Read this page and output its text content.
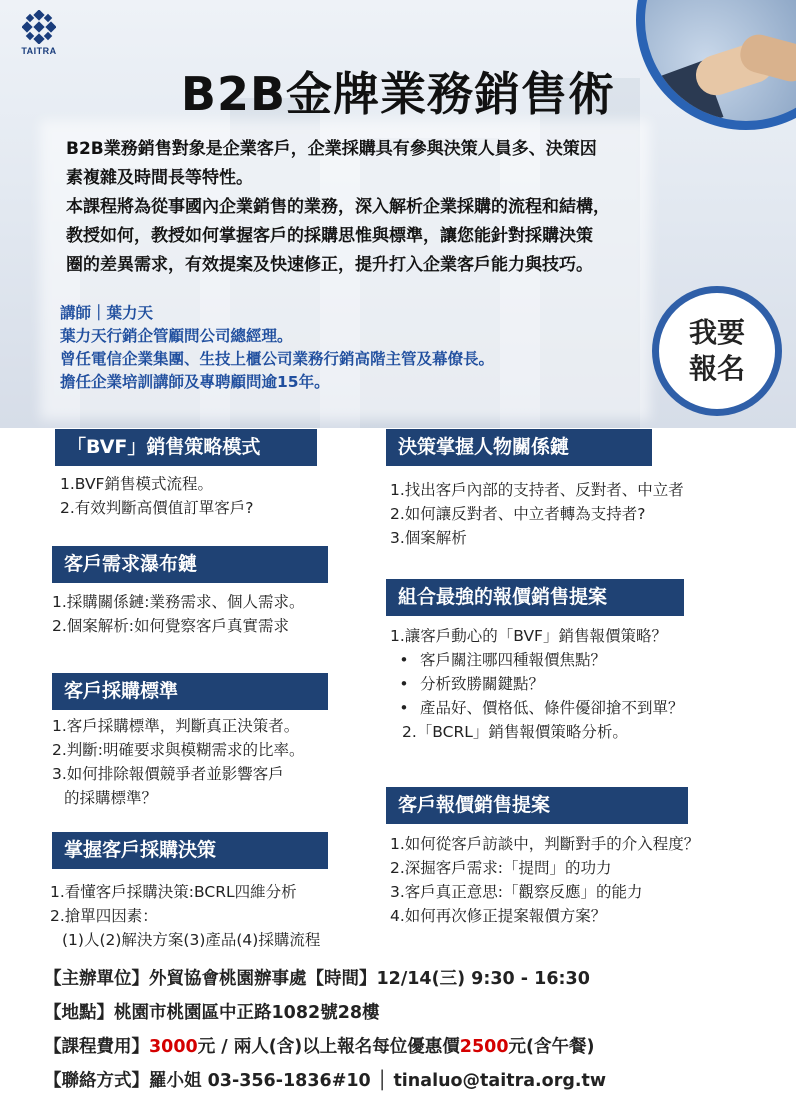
TAITRA
B2B金牌業務銷售術
B2B業務銷售對象是企業客戶，企業採購具有參與決策人員多、決策因
素複雜及時間長等特性。
本課程將為從事國內企業銷售的業務，深入解析企業採購的流程和結構，
教授如何，教授如何掌握客戶的採購思惟與標準，讓您能針對採購決策
圈的差異需求，有效提案及快速修正，提升打入企業客戶能力與技巧。
講師｜葉力天
葉力天行銷企管顧問公司總經理。
曾任電信企業集團、生技上櫃公司業務行銷高階主管及幕僚長。
擔任企業培訓講師及專聘顧問逾15年。
我要
報名
「BVF」銷售策略模式
1.BVF銷售模式流程。
2.有效判斷高價值訂單客戶?
客戶需求瀑布鏈
1.採購關係鏈:業務需求、個人需求。
2.個案解析:如何覺察客戶真實需求
客戶採購標準
1.客戶採購標準，判斷真正決策者。
2.判斷:明確要求與模糊需求的比率。
3.如何排除報價競爭者並影響客戶
的採購標準？
掌握客戶採購決策
1.看懂客戶採購決策:BCRL四維分析
2.搶單四因素：
(1)人(2)解決方案(3)產品(4)採購流程
決策掌握人物關係鏈
1.找出客戶內部的支持者、反對者、中立者
2.如何讓反對者、中立者轉為支持者?
3.個案解析
組合最強的報價銷售提案
1.讓客戶動心的「BVF」銷售報價策略？
• 客戶關注哪四種報價焦點？
• 分析致勝關鍵點？
• 產品好、價格低、條件優卻搶不到單？
2.「BCRL」銷售報價策略分析。
客戶報價銷售提案
1.如何從客戶訪談中，判斷對手的介入程度？
2.深掘客戶需求:「提問」的功力
3.客戶真正意思:「觀察反應」的能力
4.如何再次修正提案報價方案？
【主辦單位】外貿協會桃園辦事處【時間】12/14(三) 9:30 - 16:30
【地點】桃園市桃園區中正路1082號28樓
【課程費用】3000元 / 兩人(含)以上報名每位優惠價2500元(含午餐)
【聯絡方式】羅小姐 03-356-1836#10 │ tinaluo@taitra.org.tw
